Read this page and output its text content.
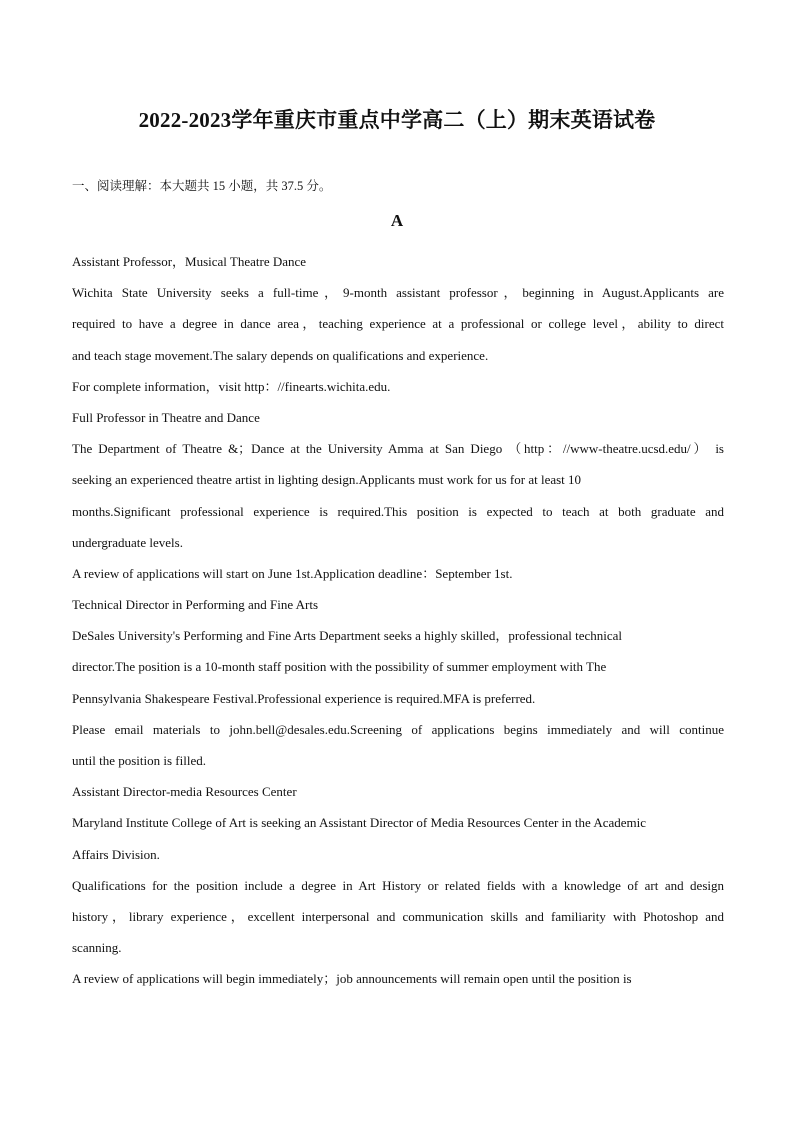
2022-2023学年重庆市重点中学高二（上）期末英语试卷
一、阅读理解：本大题共 15 小题，共 37.5 分。
A
Assistant Professor，Musical Theatre Dance
Wichita State University seeks a full-time，9-month assistant professor，beginning in August.Applicants are
required to have a degree in dance area，teaching experience at a professional or college level，ability to direct
and teach stage movement.The salary depends on qualifications and experience.
For complete information，visit http：//finearts.wichita.edu.
Full Professor in Theatre and Dance
The Department of Theatre &；Dance at the University Amma at San Diego （http：//www-theatre.ucsd.edu/） is
seeking an experienced theatre artist in lighting design.Applicants must work for us for at least 10
months.Significant professional experience is required.This position is expected to teach at both graduate and
undergraduate levels.
A review of applications will start on June 1st.Application deadline：September 1st.
Technical Director in Performing and Fine Arts
DeSales University's Performing and Fine Arts Department seeks a highly skilled，professional technical
director.The position is a 10-month staff position with the possibility of summer employment with The
Pennsylvania Shakespeare Festival.Professional experience is required.MFA is preferred.
Please email materials to john.bell@desales.edu.Screening of applications begins immediately and will continue
until the position is filled.
Assistant Director-media Resources Center
Maryland Institute College of Art is seeking an Assistant Director of Media Resources Center in the Academic
Affairs Division.
Qualifications for the position include a degree in Art History or related fields with a knowledge of art and design
history，library experience，excellent interpersonal and communication skills and familiarity with Photoshop and
scanning.
A review of applications will begin immediately；job announcements will remain open until the position is
